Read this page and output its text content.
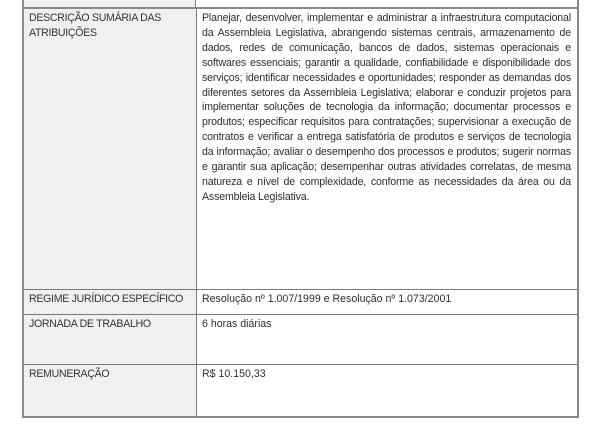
DESCRIÇÃO SUMÁRIA DAS ATRIBUIÇÕES	Planejar, desenvolver, implementar e administrar a infraestrutura computacional da Assembleia Legislativa, abrangendo sistemas centrais, armazenamento de dados, redes de comunicação, bancos de dados, sistemas operacionais e softwares essenciais; garantir a qualidade, confiabilidade e disponibilidade dos serviços; identificar necessidades e oportunidades; responder as demandas dos diferentes setores da Assembleia Legislativa; elaborar e conduzir projetos para implementar soluções de tecnologia da informação; documentar processos e produtos; especificar requisitos para contratações; supervisionar a execução de contratos e verificar a entrega satisfatória de produtos e serviços de tecnologia da informação; avaliar o desempenho dos processos e produtos; sugerir normas e garantir sua aplicação; desempenhar outras atividades correlatas, de mesma natureza e nível de complexidade, conforme as necessidades da área ou da Assembleia Legislativa.
REGIME JURÍDICO ESPECÍFICO	Resolução nº 1.007/1999 e Resolução nº 1.073/2001
JORNADA DE TRABALHO	6 horas diárias
REMUNERAÇÃO	R$ 10.150,33
